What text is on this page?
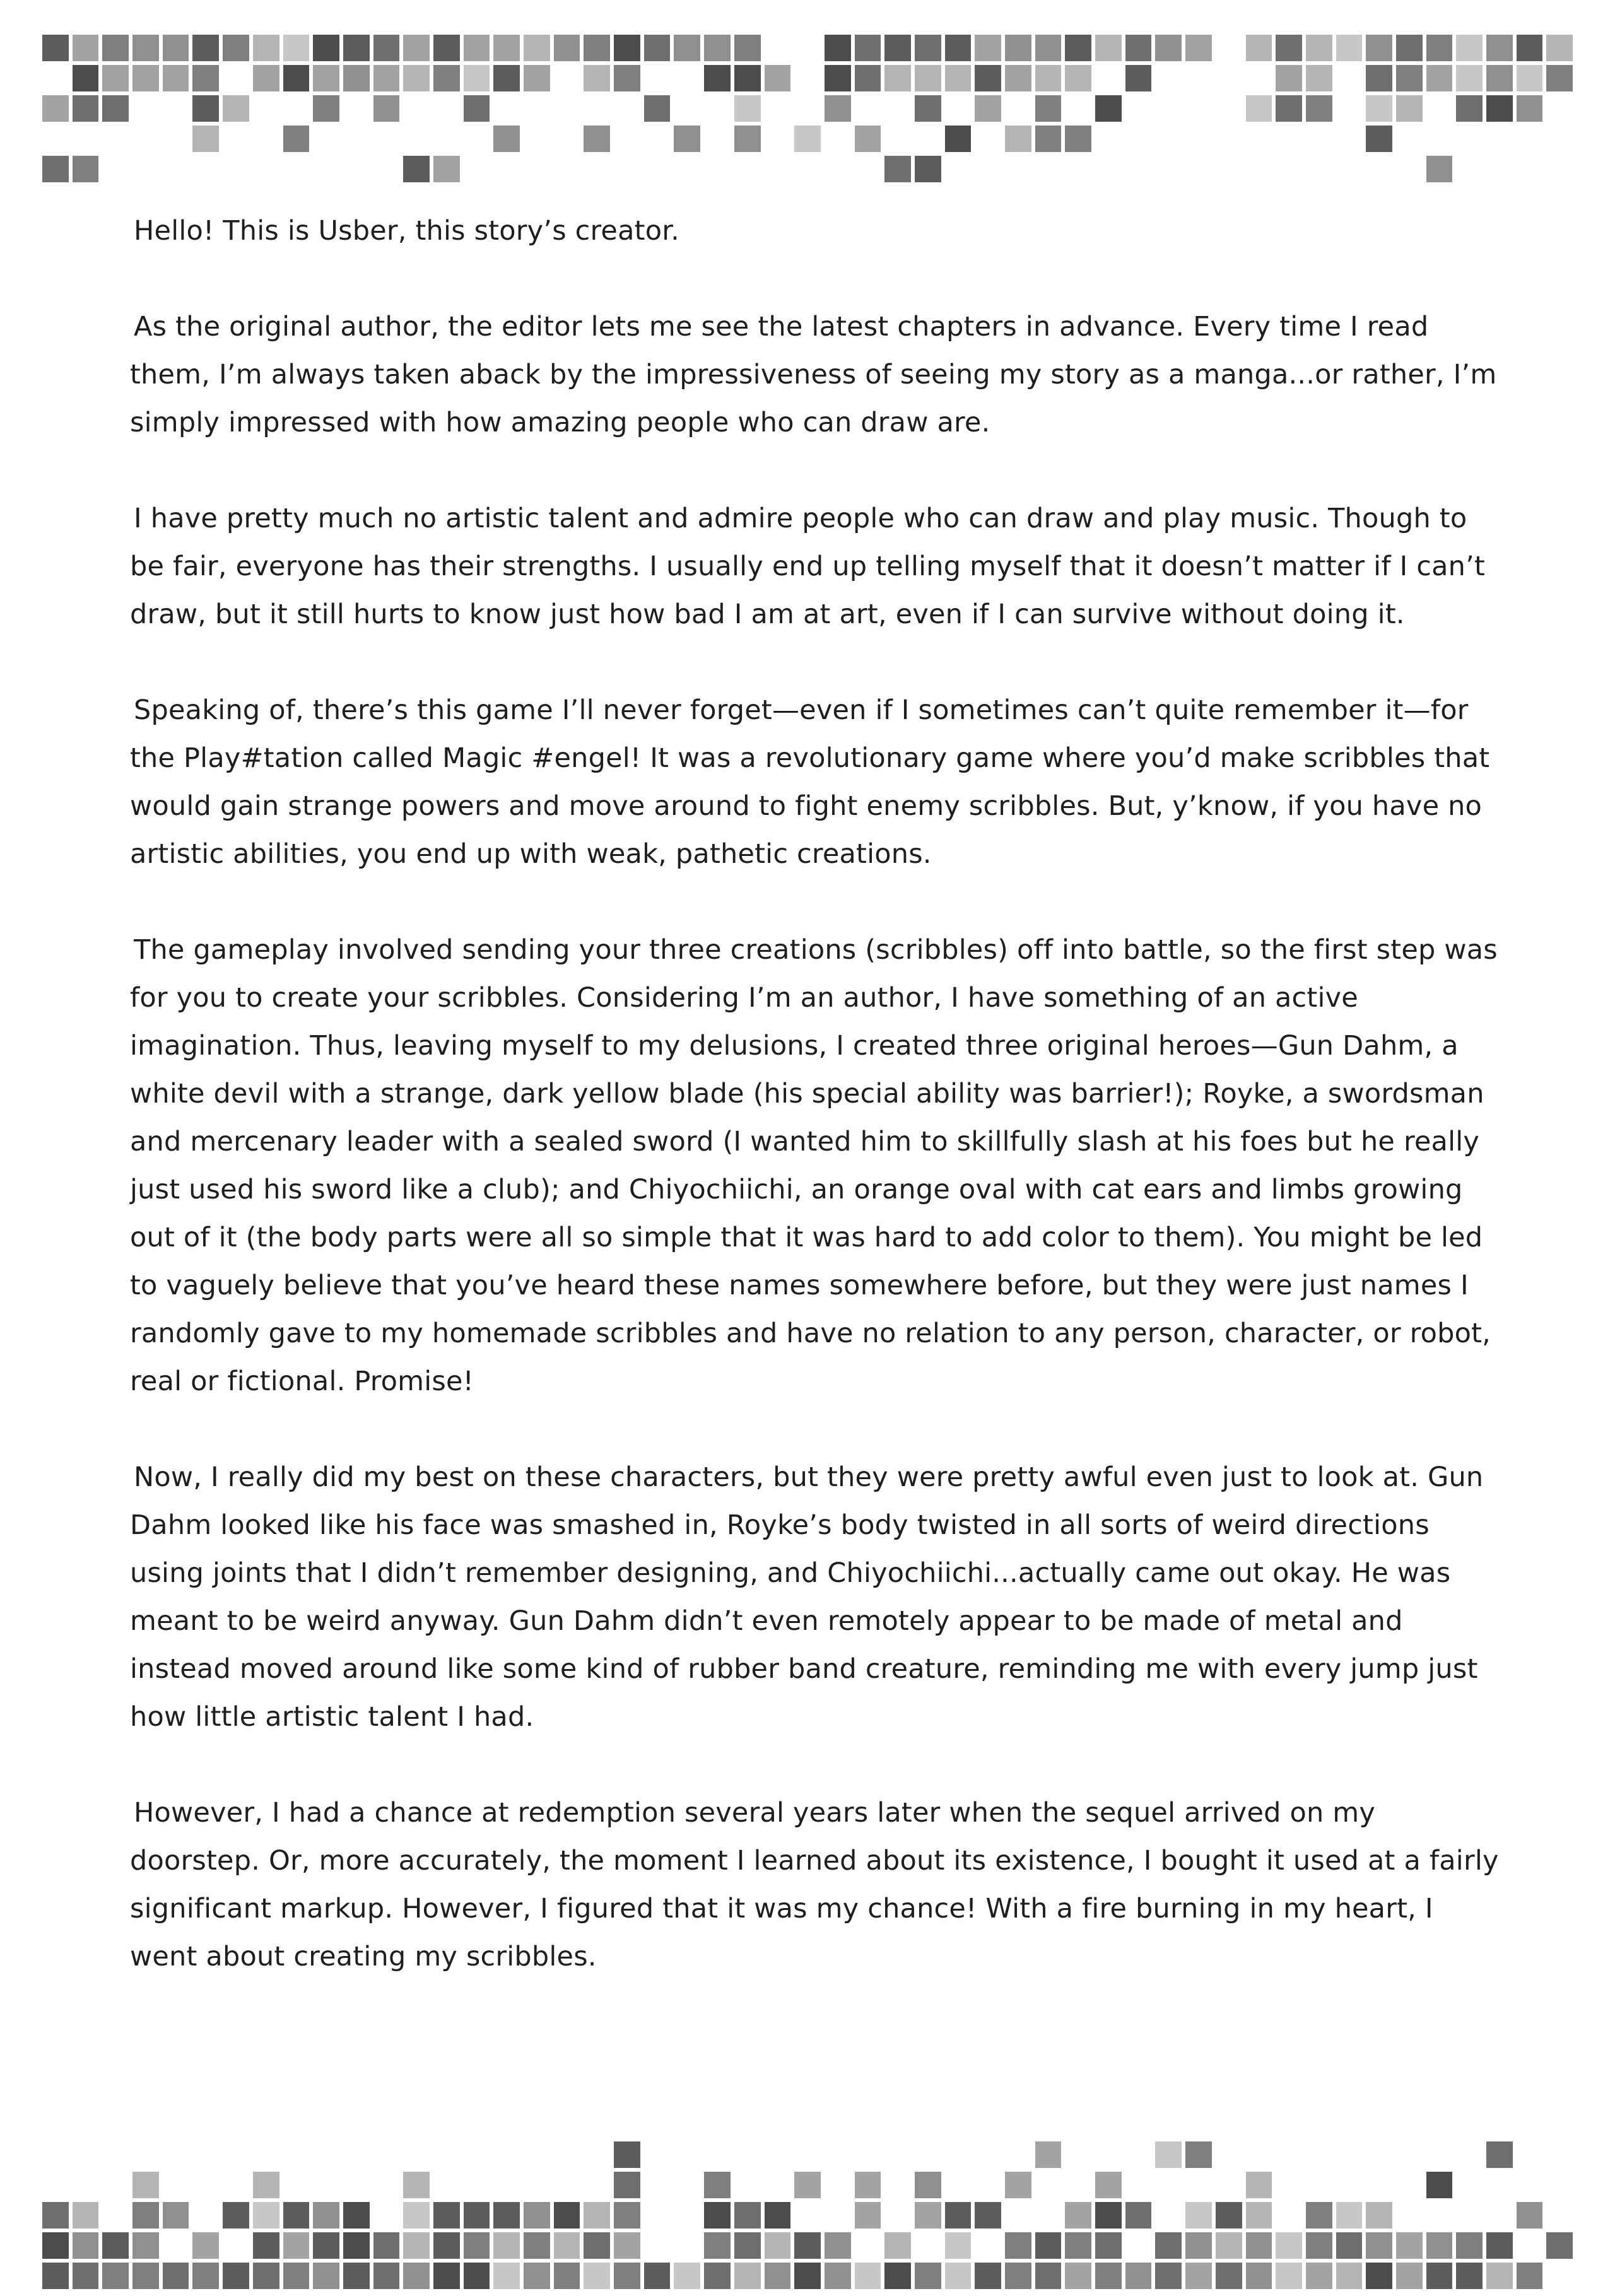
Hello! This is Usber, this story’s creator.

As the original author, the editor lets me see the latest chapters in advance. Every time I read them, I’m always taken aback by the impressiveness of seeing my story as a manga...or rather, I’m simply impressed with how amazing people who can draw are.

I have pretty much no artistic talent and admire people who can draw and play music. Though to be fair, everyone has their strengths. I usually end up telling myself that it doesn’t matter if I can’t draw, but it still hurts to know just how bad I am at art, even if I can survive without doing it.

Speaking of, there’s this game I’ll never forget—even if I sometimes can’t quite remember it—for the Play#tation called Magic #engel! It was a revolutionary game where you’d make scribbles that would gain strange powers and move around to fight enemy scribbles. But, y’know, if you have no artistic abilities, you end up with weak, pathetic creations.

The gameplay involved sending your three creations (scribbles) off into battle, so the first step was for you to create your scribbles. Considering I’m an author, I have something of an active imagination. Thus, leaving myself to my delusions, I created three original heroes—Gun Dahm, a white devil with a strange, dark yellow blade (his special ability was barrier!); Royke, a swordsman and mercenary leader with a sealed sword (I wanted him to skillfully slash at his foes but he really just used his sword like a club); and Chiyochiichi, an orange oval with cat ears and limbs growing out of it (the body parts were all so simple that it was hard to add color to them). You might be led to vaguely believe that you’ve heard these names somewhere before, but they were just names I randomly gave to my homemade scribbles and have no relation to any person, character, or robot, real or fictional. Promise!

Now, I really did my best on these characters, but they were pretty awful even just to look at. Gun Dahm looked like his face was smashed in, Royke’s body twisted in all sorts of weird directions using joints that I didn’t remember designing, and Chiyochiichi...actually came out okay. He was meant to be weird anyway. Gun Dahm didn’t even remotely appear to be made of metal and instead moved around like some kind of rubber band creature, reminding me with every jump just how little artistic talent I had.

However, I had a chance at redemption several years later when the sequel arrived on my doorstep. Or, more accurately, the moment I learned about its existence, I bought it used at a fairly significant markup. However, I figured that it was my chance! With a fire burning in my heart, I went about creating my scribbles.
